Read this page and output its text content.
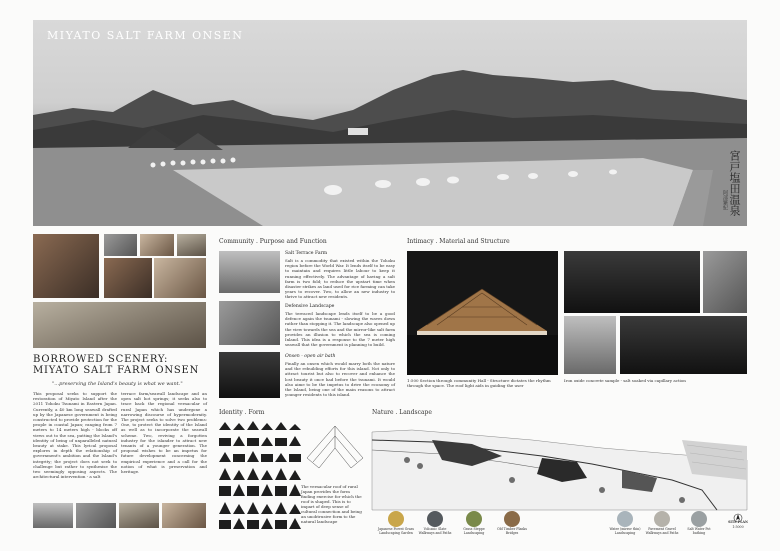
MIYATO SALT FARM ONSEN
宮戸塩田温泉
阿部繁紀
BORROWED SCENERY:
MIYATO SALT FARM ONSEN
"...preserving the Island's beauty is what we want."
This proposal seeks to support the restoration of Miyato Island after the 2011 Tohoku Tsunami in Eastern Japan. Currently, a 40 km long seawall drafted up by the Japanese government is being constructed to provide protection for the people in coastal Japan; ranging from 7 meters to 14 meters high - blocks off views out to the sea, putting the Island's identity of being of unparalleled natural beauty at stake. This lyrical proposal explores in depth the relationship of government's ambition and the Island's integrity; the project does not seek to challenge but rather to synthesise the two seemingly opposing aspects. The architectural intervention - a salt
terrace farm/seawall landscape and an open salt hot springs; it seeks also to trace back the regional vernacular of rural Japan which has undergone a narrowing discourse of hypermodernity. The project seeks to solve two problems: One, to protect the identity of the Island as well as to incorporate the seawall scheme. Two, reviving a forgotten industry for the islander to attract new tenants of a younger generation. The proposal wishes to be an impetus for future development concerning the empirical experience and a call for the notion of what is preservation and heritage.
Community . Purpose and Function
Salt Terrace Farm
Salt is a commodity that existed within the Tohoku region before the World War. It lends itself to be easy to maintain and requires little labour to keep it running effectively. The advantage of having a salt farm is two fold; to reduce the upstart time when disaster strikes as land used for rice farming can take years to recover. Two, to allow an new industry to thrive to attract new residents.
Defensive Landscape
The terraced landscape lends itself to be a good defence again the tsunami - slowing the waves down rather than stopping it. The landscape also opened up the view towards the sea and the mirror-like salt farm provides an illusion to which the sea is coming Inland. This idea is a response to the 7 meter high seawall that the government is planning to build.
Onsen - open air bath
Finally an onsen which would marry both the nature and the rebuilding efforts for this island. Not only to attract tourist but also to recover and enhance the lost beauty it once had before the tsunami. It would also aime to be the impetus to drive the economy of the Island, being one of the main reasons to attract younger residents to this island.
Intimacy . Material and Structure
1:500 Section through community Hall - Structure dictates the rhythm through the space. The roof light aids in guiding the user
Iron oxide concrete sample - salt soaked via capillary action
Identity . Form
The vernacular roof of rural Japan provides the form finding exercise for which the roof is shaped. This is to impart of deep sense of cultural connection and being an unobtrusive form to the natural landscape
Nature . Landscape
Japanese Forest Grass Landscaping Garden
Volcanic Slate Walkways and Paths
Grass Steppe Landscaping
Old Timber Planks Bridges
Water (mirror thin) Landscaping
Pavement Gravel Walkways and Paths
Salt Water Pot bathing
SITE PLAN
1:5000
